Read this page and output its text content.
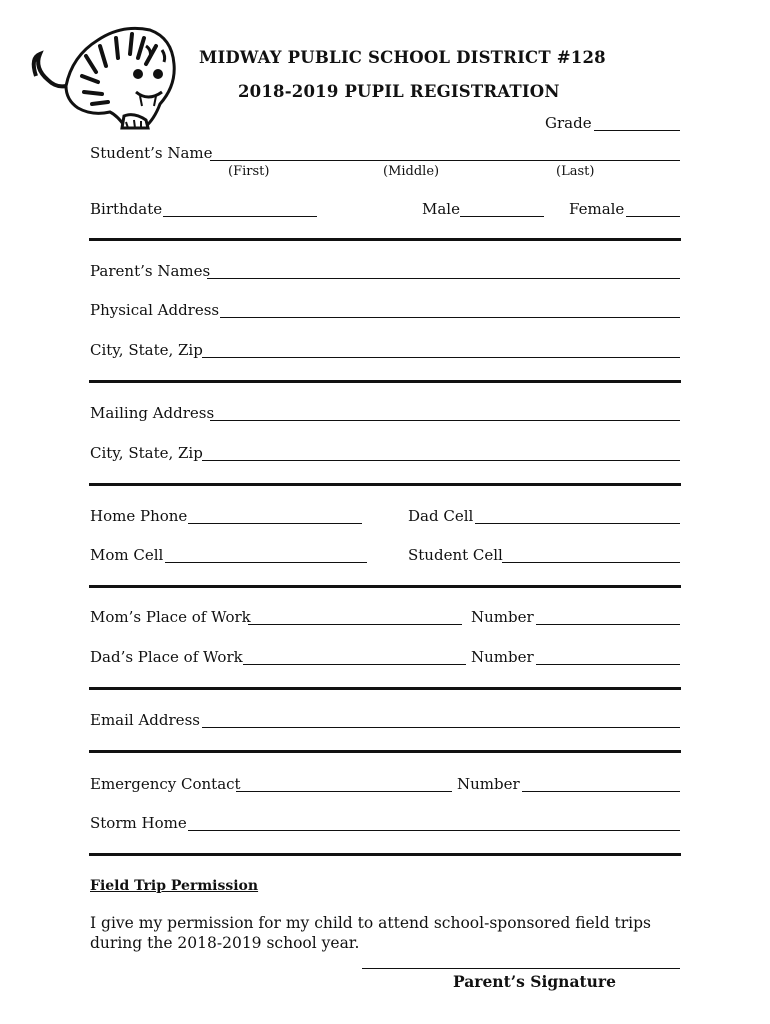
MIDWAY PUBLIC SCHOOL DISTRICT #128
2018-2019 PUPIL REGISTRATION
Grade
Student’s Name
(First)	(Middle)	(Last)
Birthdate	Male	Female
Parent’s Names
Physical Address
City, State, Zip
Mailing Address
City, State, Zip
Home Phone	Dad Cell
Mom Cell	Student Cell
Mom’s Place of Work	Number
Dad’s Place of Work	Number
Email Address
Emergency Contact	Number
Storm Home
Field Trip Permission
I give my permission for my child to attend school-sponsored field trips during the 2018-2019 school year.
Parent’s Signature
